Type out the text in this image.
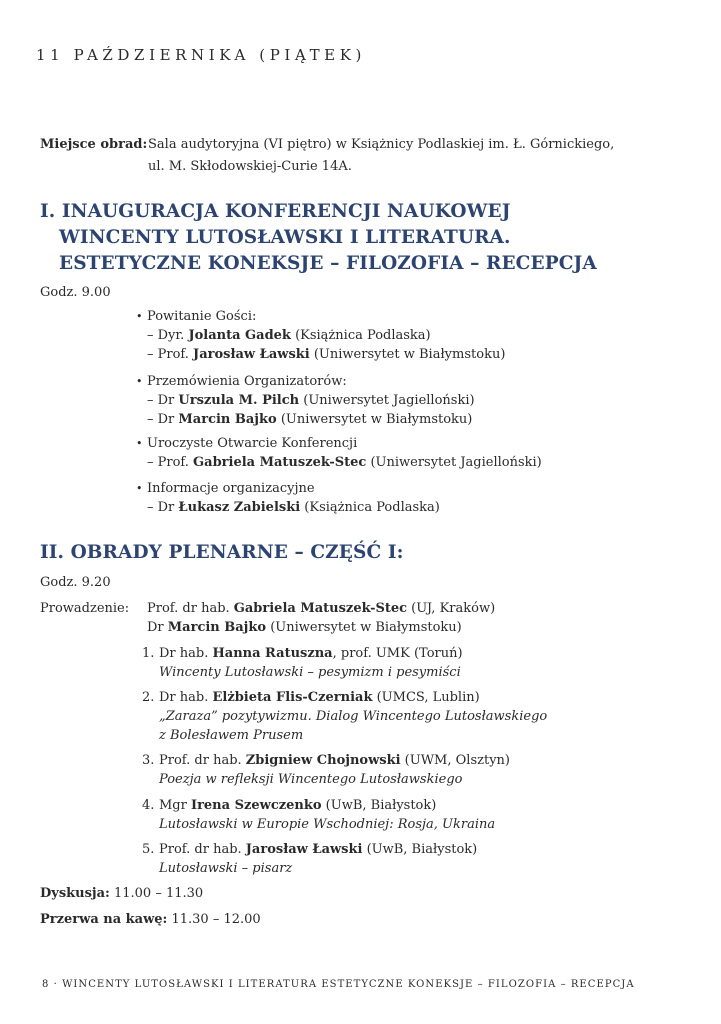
11 PAŹDZIERNIKA (PIĄTEK)
Miejsce obrad: Sala audytoryjna (VI piętro) w Książnicy Podlaskiej im. Ł. Górnickiego,
ul. M. Skłodowskiej-Curie 14A.
I. INAUGURACJA KONFERENCJI NAUKOWEJ
WINCENTY LUTOSŁAWSKI I LITERATURA.
ESTETYCZNE KONEKSJE – FILOZOFIA – RECEPCJA
Godz. 9.00
• Powitanie Gości:
– Dyr. Jolanta Gadek (Książnica Podlaska)
– Prof. Jarosław Ławski (Uniwersytet w Białymstoku)
• Przemówienia Organizatorów:
– Dr Urszula M. Pilch (Uniwersytet Jagielloński)
– Dr Marcin Bajko (Uniwersytet w Białymstoku)
• Uroczyste Otwarcie Konferencji
– Prof. Gabriela Matuszek-Stec (Uniwersytet Jagielloński)
• Informacje organizacyjne
– Dr Łukasz Zabielski (Książnica Podlaska)
II. OBRADY PLENARNE – CZĘŚĆ I:
Godz. 9.20
Prowadzenie: Prof. dr hab. Gabriela Matuszek-Stec (UJ, Kraków)
Dr Marcin Bajko (Uniwersytet w Białymstoku)
1. Dr hab. Hanna Ratuszna, prof. UMK (Toruń)
Wincenty Lutosławski – pesymizm i pesymiści
2. Dr hab. Elżbieta Flis-Czerniak (UMCS, Lublin)
„Zaraza” pozytywizmu. Dialog Wincentego Lutosławskiego
z Bolesławem Prusem
3. Prof. dr hab. Zbigniew Chojnowski (UWM, Olsztyn)
Poezja w refleksji Wincentego Lutosławskiego
4. Mgr Irena Szewczenko (UwB, Białystok)
Lutosławski w Europie Wschodniej: Rosja, Ukraina
5. Prof. dr hab. Jarosław Ławski (UwB, Białystok)
Lutosławski – pisarz
Dyskusja: 11.00 – 11.30
Przerwa na kawę: 11.30 – 12.00
8 · WINCENTY LUTOSŁAWSKI I LITERATURA ESTETYCZNE KONEKSJE – FILOZOFIA – RECEPCJA
